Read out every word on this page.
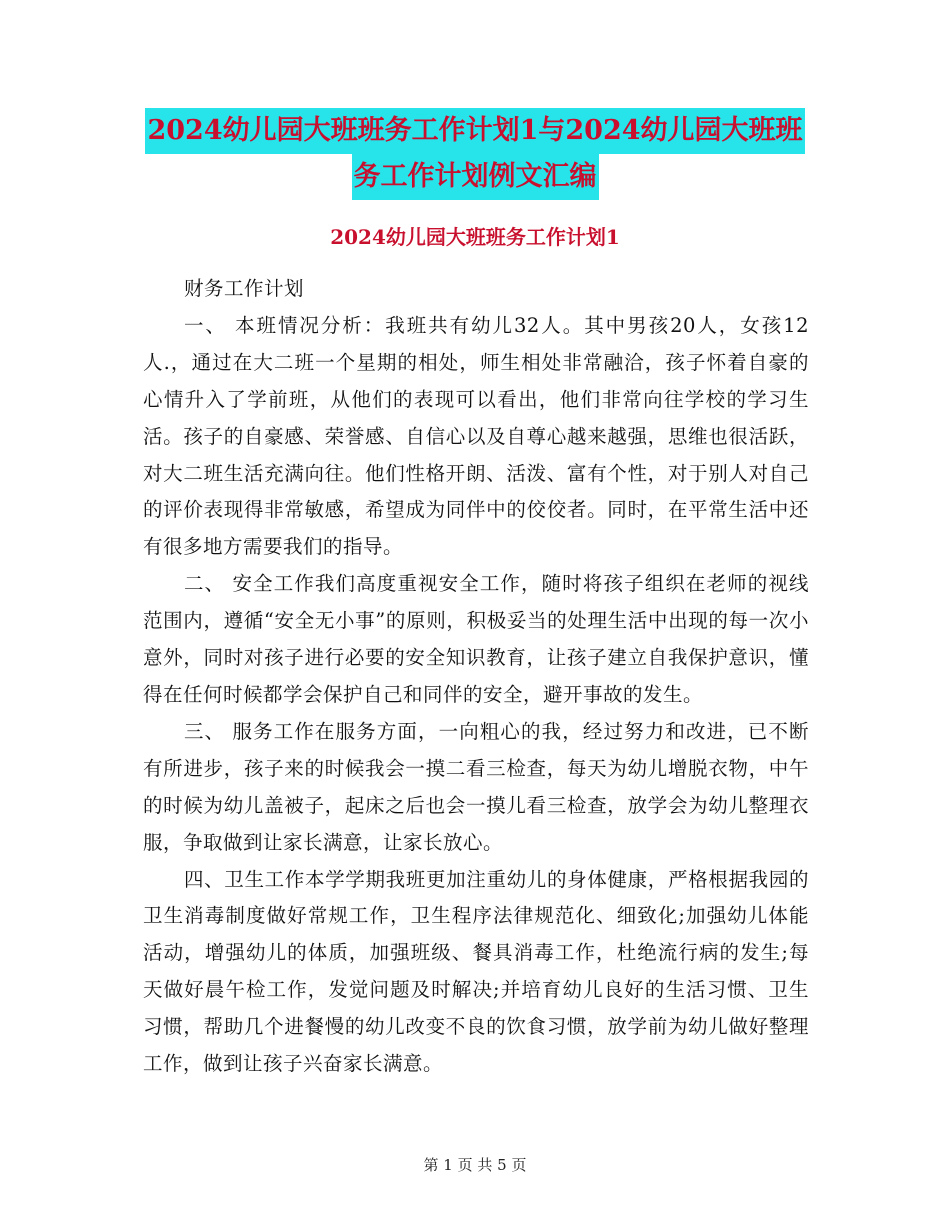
2024幼儿园大班班务工作计划1与2024幼儿园大班班
务工作计划例文汇编
2024幼儿园大班班务工作计划1

财务工作计划

一、 本班情况分析：我班共有幼儿32人。其中男孩20人，女孩12人.，通过在大二班一个星期的相处，师生相处非常融洽，孩子怀着自豪的心情升入了学前班，从他们的表现可以看出，他们非常向往学校的学习生活。孩子的自豪感、荣誉感、自信心以及自尊心越来越强，思维也很活跃，对大二班生活充满向往。他们性格开朗、活泼、富有个性，对于别人对自己的评价表现得非常敏感，希望成为同伴中的佼佼者。同时，在平常生活中还有很多地方需要我们的指导。

二、 安全工作我们高度重视安全工作，随时将孩子组织在老师的视线范围内，遵循“安全无小事”的原则，积极妥当的处理生活中出现的每一次小意外，同时对孩子进行必要的安全知识教育，让孩子建立自我保护意识，懂得在任何时候都学会保护自己和同伴的安全，避开事故的发生。

三、 服务工作在服务方面，一向粗心的我，经过努力和改进，已不断有所进步，孩子来的时候我会一摸二看三检查，每天为幼儿增脱衣物，中午的时候为幼儿盖被子，起床之后也会一摸儿看三检查，放学会为幼儿整理衣服，争取做到让家长满意，让家长放心。

四、卫生工作本学学期我班更加注重幼儿的身体健康，严格根据我园的卫生消毒制度做好常规工作，卫生程序法律规范化、细致化;加强幼儿体能活动，增强幼儿的体质，加强班级、餐具消毒工作，杜绝流行病的发生;每天做好晨午检工作，发觉问题及时解决;并培育幼儿良好的生活习惯、卫生习惯，帮助几个进餐慢的幼儿改变不良的饮食习惯，放学前为幼儿做好整理工作，做到让孩子兴奋家长满意。

第 1 页 共 5 页
